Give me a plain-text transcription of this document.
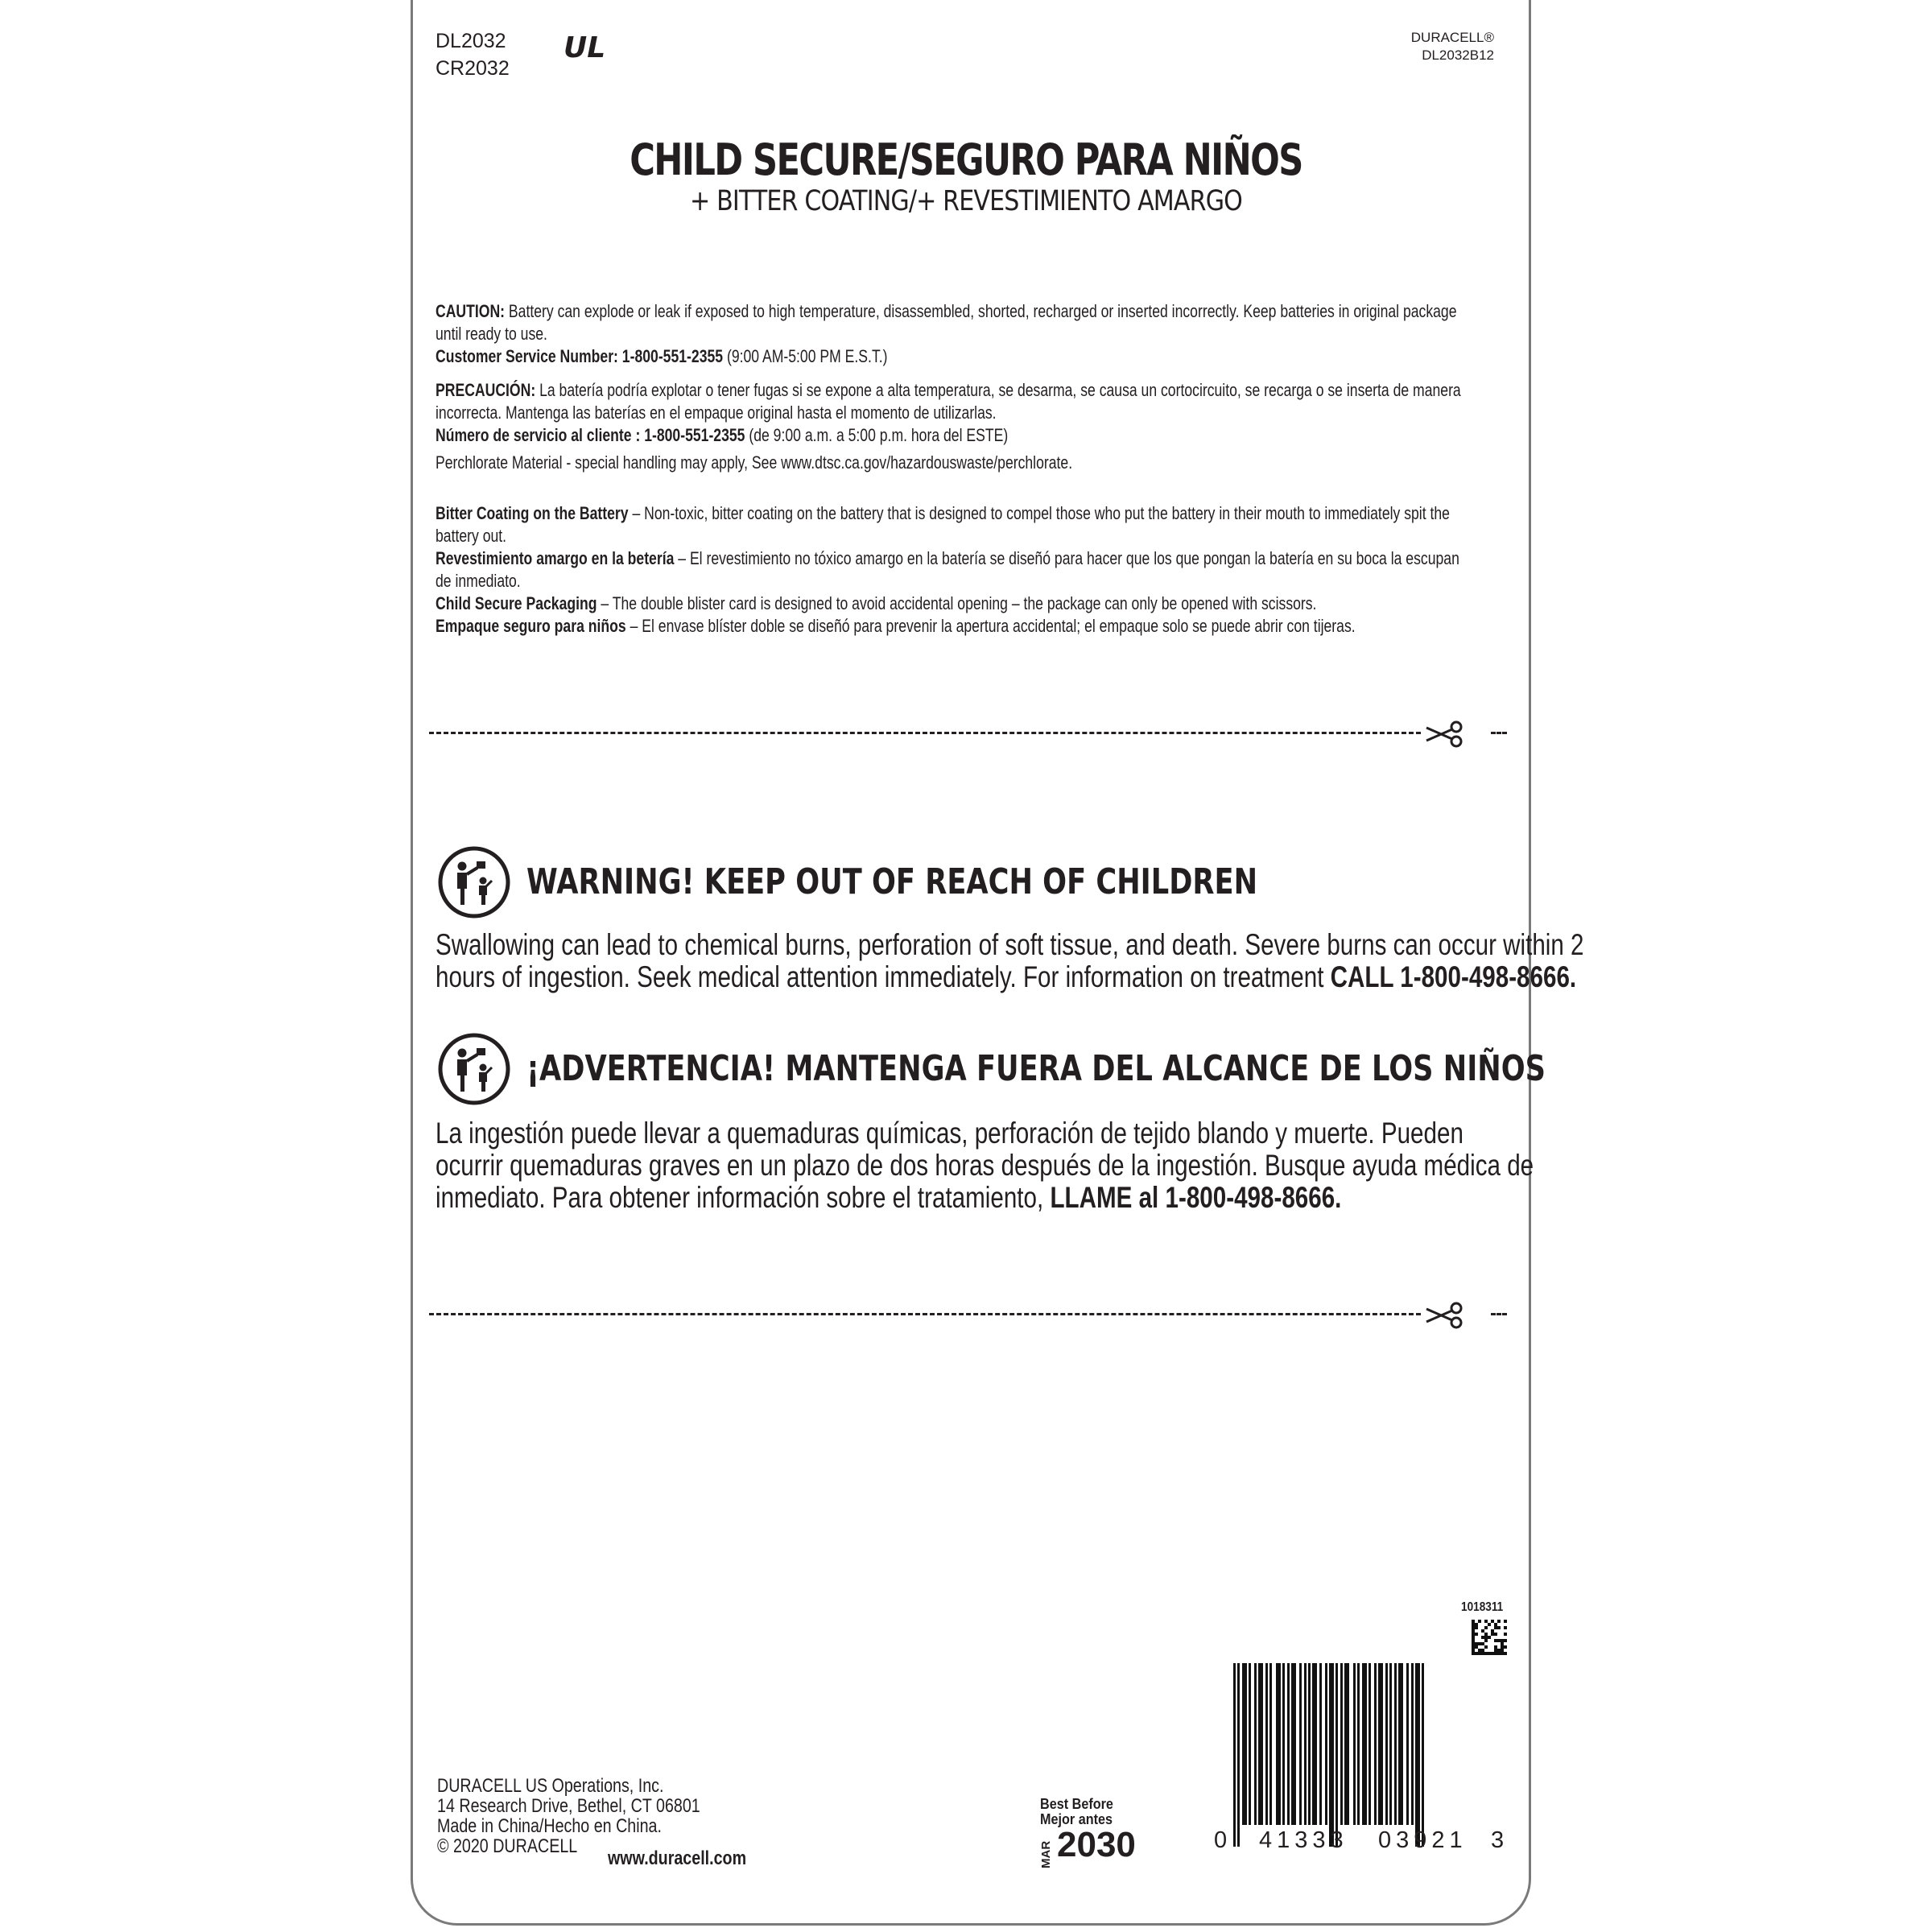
DL2032
CR2032
UL	DURACELL®
DL2032B12
CHILD SECURE/SEGURO PARA NIÑOS
+ BITTER COATING/+ REVESTIMIENTO AMARGO
CAUTION: Battery can explode or leak if exposed to high temperature, disassembled, shorted, recharged or inserted incorrectly. Keep batteries in original package
until ready to use.
Customer Service Number: 1-800-551-2355 (9:00 AM-5:00 PM E.S.T.)
PRECAUCIÓN: La batería podría explotar o tener fugas si se expone a alta temperatura, se desarma, se causa un cortocircuito, se recarga o se inserta de manera
incorrecta. Mantenga las baterías en el empaque original hasta el momento de utilizarlas.
Número de servicio al cliente : 1-800-551-2355 (de 9:00 a.m. a 5:00 p.m. hora del ESTE)
Perchlorate Material - special handling may apply, See www.dtsc.ca.gov/hazardouswaste/perchlorate.
Bitter Coating on the Battery – Non-toxic, bitter coating on the battery that is designed to compel those who put the battery in their mouth to immediately spit the
battery out.
Revestimiento amargo en la betería – El revestimiento no tóxico amargo en la batería se diseñó para hacer que los que pongan la batería en su boca la escupan
de inmediato.
Child Secure Packaging – The double blister card is designed to avoid accidental opening – the package can only be opened with scissors.
Empaque seguro para niños – El envase blíster doble se diseñó para prevenir la apertura accidental; el empaque solo se puede abrir con tijeras.
WARNING! KEEP OUT OF REACH OF CHILDREN
Swallowing can lead to chemical burns, perforation of soft tissue, and death. Severe burns can occur within 2
hours of ingestion. Seek medical attention immediately. For information on treatment CALL 1-800-498-8666.
¡ADVERTENCIA! MANTENGA FUERA DEL ALCANCE DE LOS NIÑOS
La ingestión puede llevar a quemaduras químicas, perforación de tejido blando y muerte. Pueden
ocurrir quemaduras graves en un plazo de dos horas después de la ingestión. Busque ayuda médica de
inmediato. Para obtener información sobre el tratamiento, LLAME al 1-800-498-8666.
1018311
0 41333 03921 3
Best Before
Mejor antes
MAR 2030
DURACELL US Operations, Inc.
14 Research Drive, Bethel, CT 06801
Made in China/Hecho en China.
© 2020 DURACELL
www.duracell.com
